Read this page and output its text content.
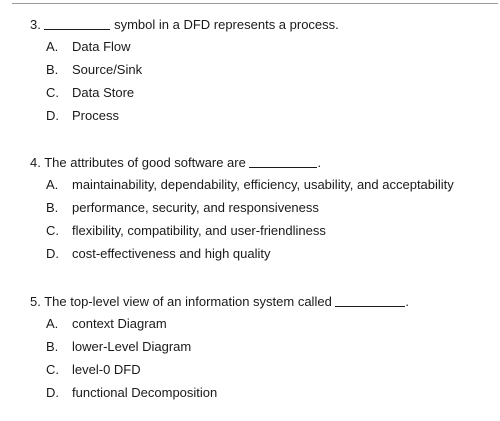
3.	symbol in a DFD represents a process.
A. Data Flow
B. Source/Sink
C. Data Store
D. Process
4. The attributes of good software are	.
A. maintainability, dependability, efficiency, usability, and acceptability
B. performance, security, and responsiveness
C. flexibility, compatibility, and user-friendliness
D. cost-effectiveness and high quality
5. The top-level view of an information system called	.
A. context Diagram
B. lower-Level Diagram
C. level-0 DFD
D. functional Decomposition
